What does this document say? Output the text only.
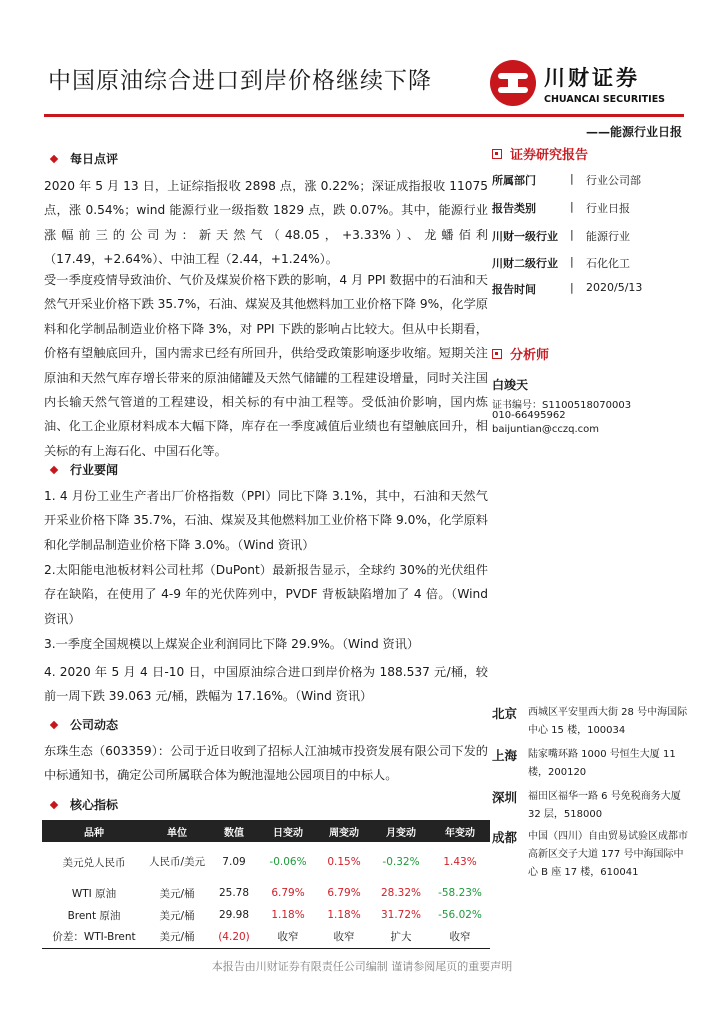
中国原油综合进口到岸价格继续下降	川财证券
CHUANCAI SECURITIES
——能源行业日报
每日点评
2020 年 5 月 13 日，上证综指报收 2898 点，涨 0.22%；深证成指报收 11075 点，涨 0.54%；wind 能源行业一级指数 1829 点，跌 0.07%。其中，能源行业涨幅前三的公司为：新天然气（48.05，+3.33%）、龙蟠佰利（17.49，+2.64%）、中油工程（2.44，+1.24%）。
受一季度疫情导致油价、气价及煤炭价格下跌的影响，4 月 PPI 数据中的石油和天然气开采业价格下跌 35.7%，石油、煤炭及其他燃料加工业价格下降 9%，化学原料和化学制品制造业价格下降 3%，对 PPI 下跌的影响占比较大。但从中长期看，价格有望触底回升，国内需求已经有所回升，供给受政策影响逐步收缩。短期关注原油和天然气库存增长带来的原油储罐及天然气储罐的工程建设增量，同时关注国内长输天然气管道的工程建设，相关标的有中油工程等。受低油价影响，国内炼油、化工企业原材料成本大幅下降，库存在一季度减值后业绩也有望触底回升，相关标的有上海石化、中国石化等。
行业要闻
1. 4 月份工业生产者出厂价格指数（PPI）同比下降 3.1%，其中，石油和天然气开采业价格下降 35.7%，石油、煤炭及其他燃料加工业价格下降 9.0%，化学原料和化学制品制造业价格下降 3.0%。（Wind 资讯）
2.太阳能电池板材料公司杜邦（DuPont）最新报告显示，全球约 30%的光伏组件存在缺陷，在使用了 4-9 年的光伏阵列中，PVDF 背板缺陷增加了 4 倍。（Wind 资讯）
3.一季度全国规模以上煤炭企业利润同比下降 29.9%。（Wind 资讯）
4. 2020 年 5 月 4 日-10 日，中国原油综合进口到岸价格为 188.537 元/桶，较前一周下跌 39.063 元/桶，跌幅为 17.16%。（Wind 资讯）
公司动态
东珠生态（603359）：公司于近日收到了招标人江油城市投资发展有限公司下发的中标通知书，确定公司所属联合体为鲵池湿地公园项目的中标人。
核心指标
品种	单位	数值	日变动	周变动	月变动	年变动
美元兑人民币	人民币/美元	7.09	-0.06%	0.15%	-0.32%	1.43%
WTI 原油	美元/桶	25.78	6.79%	6.79%	28.32%	-58.23%
Brent 原油	美元/桶	29.98	1.18%	1.18%	31.72%	-56.02%
价差：WTI-Brent	美元/桶	(4.20)	收窄	收窄	扩大	收窄
证券研究报告
所属部门	|	行业公司部
报告类别	|	行业日报
川财一级行业	|	能源行业
川财二级行业	|	石化化工
报告时间	|	2020/5/13
分析师
白竣天
证书编号：S1100518070003
010-66495962
baijuntian@cczq.com
北京	西城区平安里西大街 28 号中海国际中心 15 楼，100034
上海	陆家嘴环路 1000 号恒生大厦 11 楼，200120
深圳	福田区福华一路 6 号免税商务大厦 32 层，518000
成都	中国（四川）自由贸易试验区成都市高新区交子大道 177 号中海国际中心 B 座 17 楼，610041
本报告由川财证券有限责任公司编制 谨请参阅尾页的重要声明
